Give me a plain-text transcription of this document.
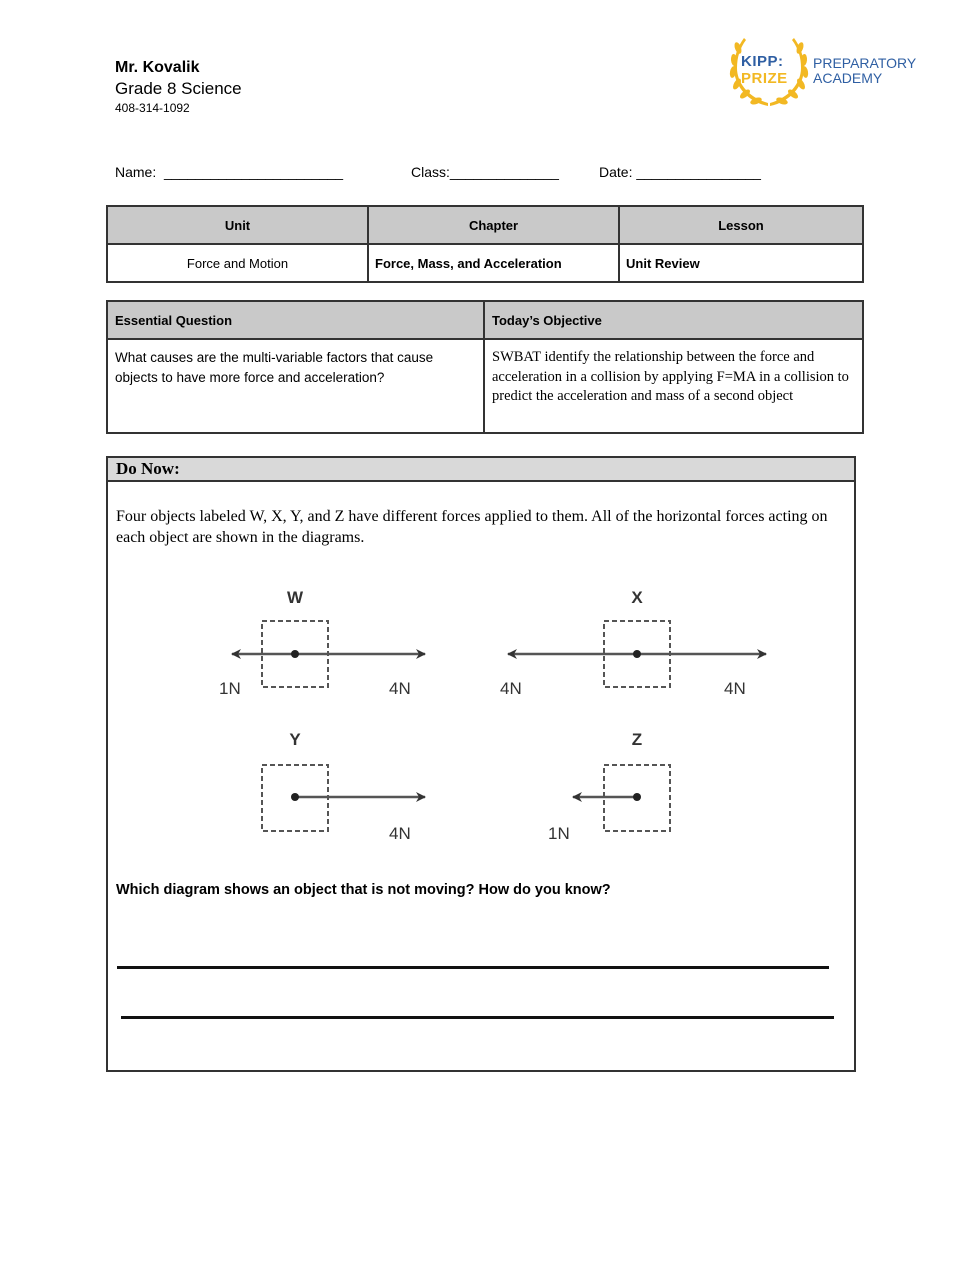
Mr. Kovalik
Grade 8 Science
408-314-1092
KIPP:
PRIZE
PREPARATORY
ACADEMY
Name: _______________________	Class:______________	Date: ________________
Unit	Chapter	Lesson
Force and Motion	Force, Mass, and Acceleration	Unit Review
Essential Question	Today’s Objective

What causes are the multi-variable factors that cause objects to have more force and acceleration?	SWBAT identify the relationship between the force and acceleration in a collision by applying F=MA in a collision to predict the acceleration and mass of a second object
Do Now:
Four objects labeled W, X, Y, and Z have different forces applied to them. All of the horizontal forces acting on each object are shown in the diagrams.
W
1N	4N
X
4N	4N
Y
4N
Z
1N
Which diagram shows an object that is not moving? How do you know?
